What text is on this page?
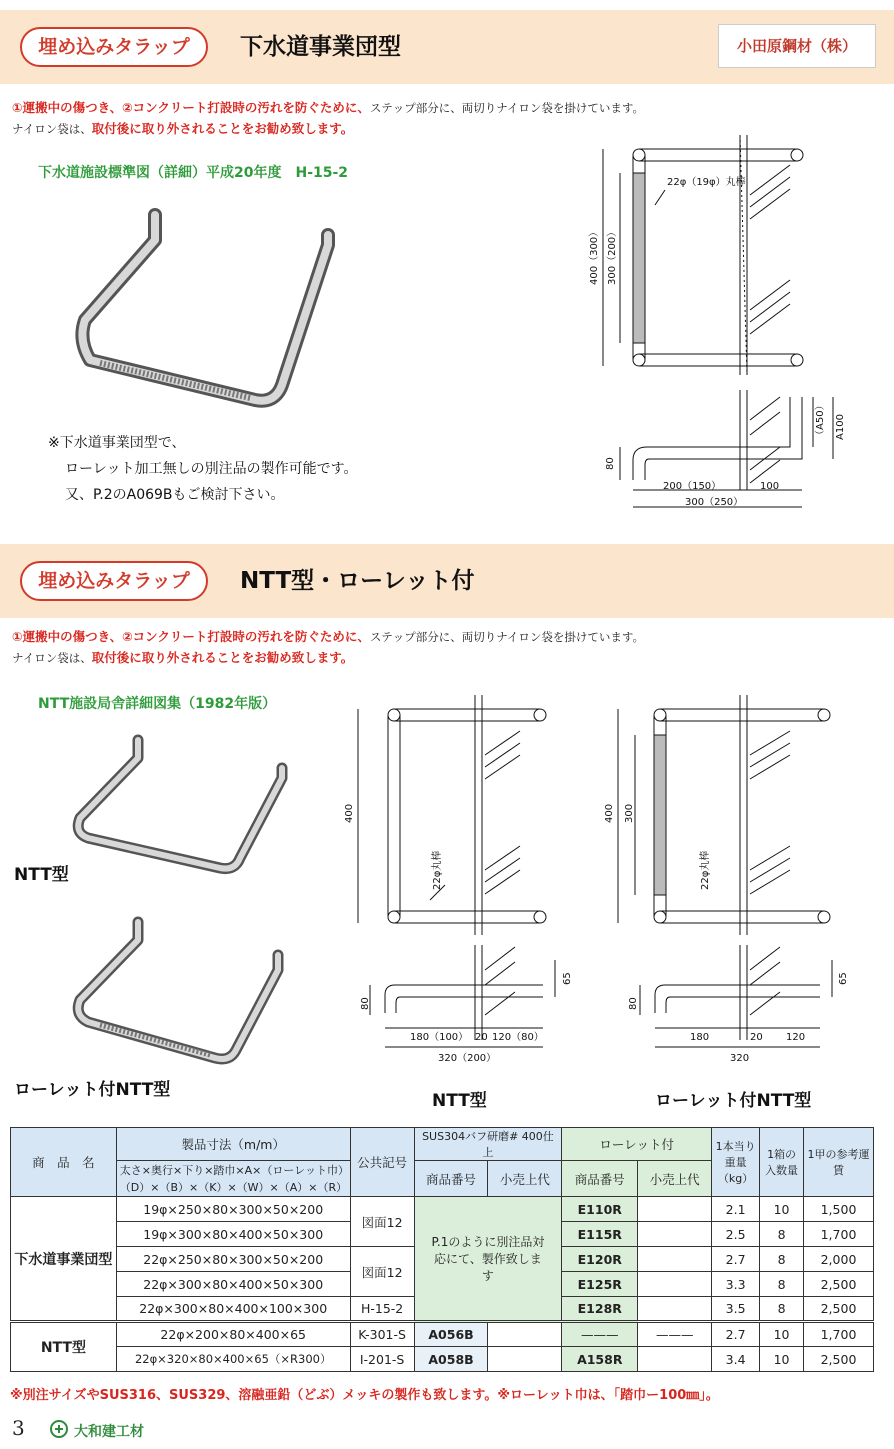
埋め込みタラップ	下水道事業団型	小田原鋼材（株）
①運搬中の傷つき、②コンクリート打設時の汚れを防ぐために、ステップ部分に、両切りナイロン袋を掛けています。
ナイロン袋は、取付後に取り外されることをお勧め致します。
下水道施設標準図（詳細）平成20年度　H-15-2
※下水道事業団型で、
ローレット加工無しの別注品の製作可能です。
又、P.2のA069Bもご検討下さい。
22φ（19φ）丸棒
400（300） 300（200）
（A50） A100
80
200（150）	100
300（250）
埋め込みタラップ	NTT型・ローレット付
①運搬中の傷つき、②コンクリート打設時の汚れを防ぐために、ステップ部分に、両切りナイロン袋を掛けています。
ナイロン袋は、取付後に取り外されることをお勧め致します。
NTT施設局舎詳細図集（1982年版）
NTT型
ローレット付NTT型
400
22φ丸棒
80
65
180（100） 20 120（80）
320（200）
NTT型
400 300
22φ丸棒
80
65
180	20 120
320
ローレット付NTT型
商　品　名	製品寸法（m/m）	公共記号	SUS304バフ研磨# 400仕上		ローレット付		1本当り重量（kg）	1箱の入数量	1甲の参考運賃
	太さ×奥行×下り×踏巾×A×（ローレット巾）		商品番号	小売上代	商品番号	小売上代			
	（D）×（B）×（K）×（W）×（A）×（R）								
下水道事業団型	19φ×250×80×300×50×200	図面12	P.1のように別注品対応にて、製作致します		E110R		2.1	10	1,500
	19φ×300×80×400×50×300				E115R		2.5	8	1,700
	22φ×250×80×300×50×200	図面12			E120R		2.7	8	2,000
	22φ×300×80×400×50×300				E125R		3.3	8	2,500
	22φ×300×80×400×100×300	H-15-2			E128R		3.5	8	2,500
NTT型	22φ×200×80×400×65	K-301-S	A056B		———	———	2.7	10	1,700
	22φ×320×80×400×65（×R300）	I-201-S	A058B		A158R		3.4	10	2,500
※別注サイズやSUS316、SUS329、溶融亜鉛（どぶ）メッキの製作も致します。※ローレット巾は、「踏巾ー100㎜」。
3	大和建工材
